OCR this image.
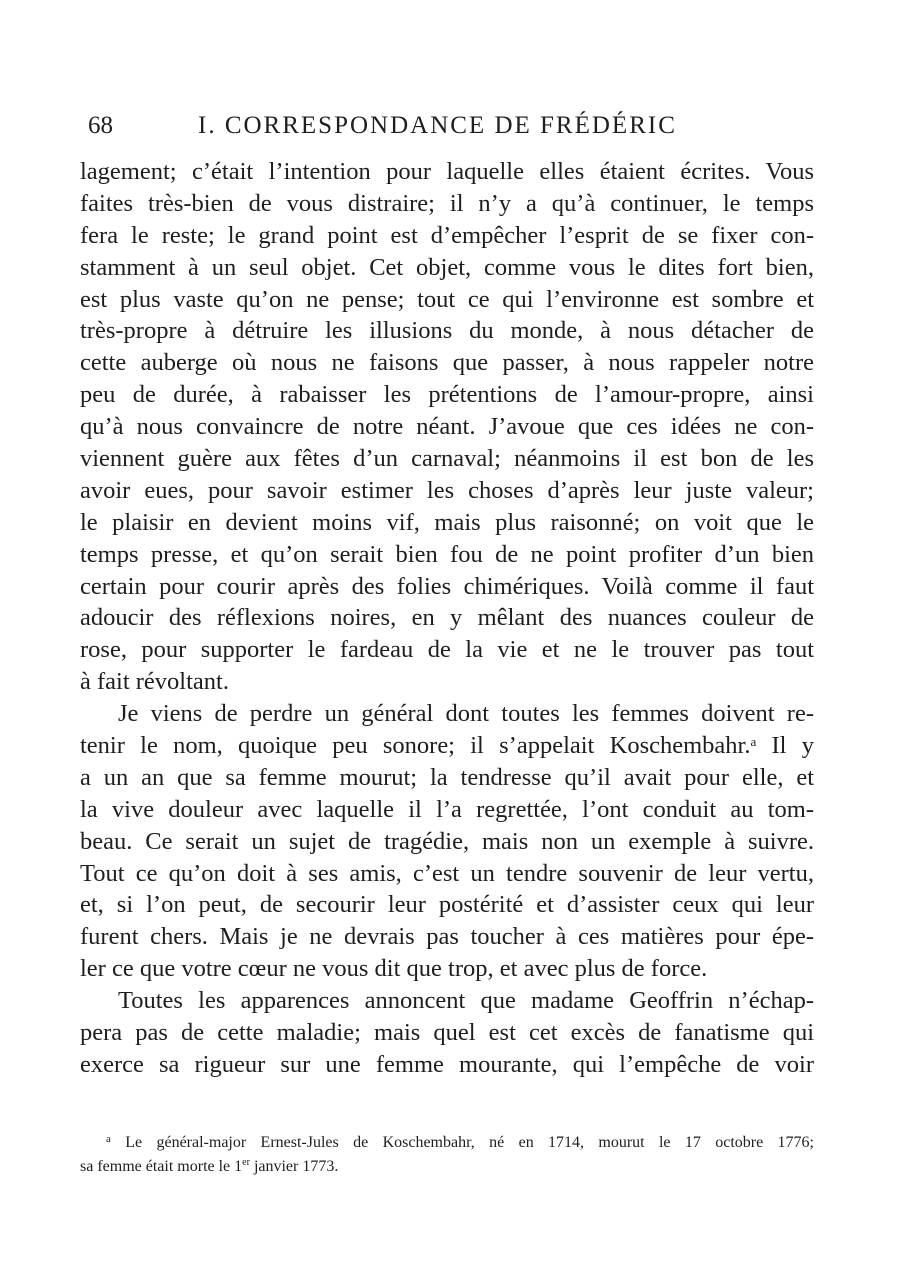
68	I. CORRESPONDANCE DE FRÉDÉRIC
lagement; c’était l’intention pour laquelle elles étaient écrites. Vous
faites très-bien de vous distraire; il n’y a qu’à continuer, le temps
fera le reste; le grand point est d’empêcher l’esprit de se fixer con-
stamment à un seul objet. Cet objet, comme vous le dites fort bien,
est plus vaste qu’on ne pense; tout ce qui l’environne est sombre et
très-propre à détruire les illusions du monde, à nous détacher de
cette auberge où nous ne faisons que passer, à nous rappeler notre
peu de durée, à rabaisser les prétentions de l’amour-propre, ainsi
qu’à nous convaincre de notre néant. J’avoue que ces idées ne con-
viennent guère aux fêtes d’un carnaval; néanmoins il est bon de les
avoir eues, pour savoir estimer les choses d’après leur juste valeur;
le plaisir en devient moins vif, mais plus raisonné; on voit que le
temps presse, et qu’on serait bien fou de ne point profiter d’un bien
certain pour courir après des folies chimériques. Voilà comme il faut
adoucir des réflexions noires, en y mêlant des nuances couleur de
rose, pour supporter le fardeau de la vie et ne le trouver pas tout
à fait révoltant.
Je viens de perdre un général dont toutes les femmes doivent re-
tenir le nom, quoique peu sonore; il s’appelait Koschembahr.$^a$ Il y
a un an que sa femme mourut; la tendresse qu’il avait pour elle, et
la vive douleur avec laquelle il l’a regrettée, l’ont conduit au tom-
beau. Ce serait un sujet de tragédie, mais non un exemple à suivre.
Tout ce qu’on doit à ses amis, c’est un tendre souvenir de leur vertu,
et, si l’on peut, de secourir leur postérité et d’assister ceux qui leur
furent chers. Mais je ne devrais pas toucher à ces matières pour épe-
ler ce que votre cœur ne vous dit que trop, et avec plus de force.
Toutes les apparences annoncent que madame Geoffrin n’échap-
pera pas de cette maladie; mais quel est cet excès de fanatisme qui
exerce sa rigueur sur une femme mourante, qui l’empêche de voir
$^a$ Le général-major Ernest-Jules de Koschembahr, né en 1714, mourut le 17 octobre 1776;
sa femme était morte le 1er janvier 1773.
